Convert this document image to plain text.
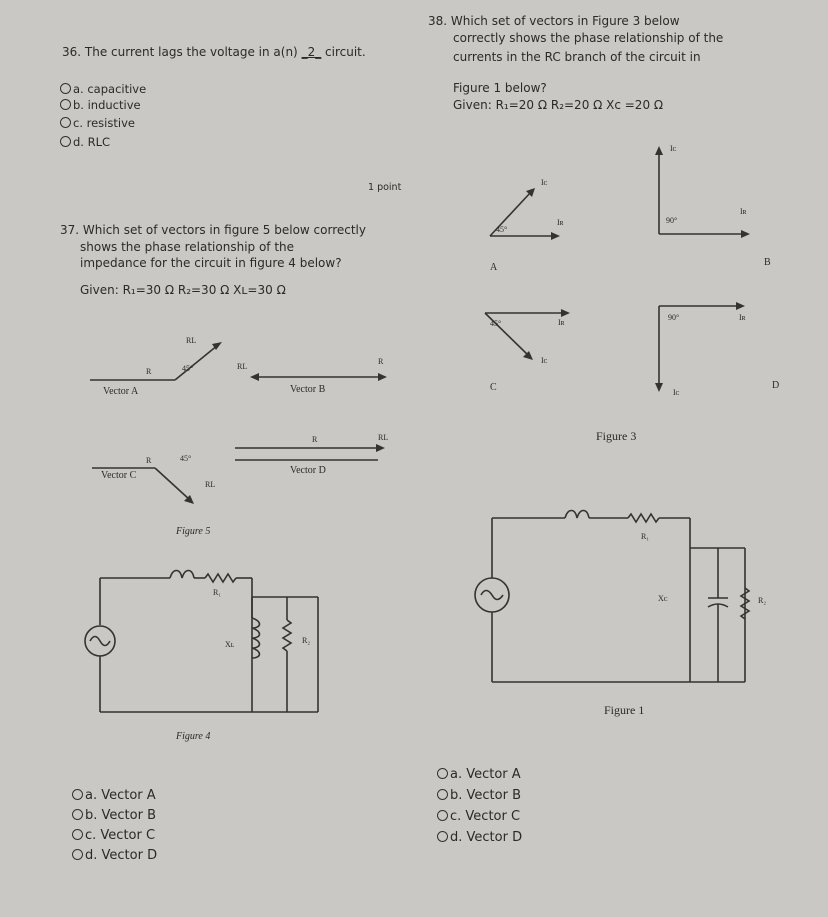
36. The current lags the voltage in a(n) _2_ circuit.
a. capacitive
b. inductive
c. resistive
d. RLC
1 point
37. Which set of vectors in figure 5 below correctly
shows the phase relationship of the
impedance for the circuit in figure 4 below?
Given: R₁=30 Ω R₂=30 Ω Xʟ=30 Ω
RL
R	45°
Vector A
RL
R
Vector B
45°
R
Vector C
RL
R	RL
Vector D
Figure 5
R₁
Xʟ	R₂
Figure 4
a. Vector A
b. Vector B
c. Vector C
d. Vector D
38. Which set of vectors in Figure 3 below
correctly shows the phase relationship of the
currents in the RC branch of the circuit in
Figure 1 below?
Given: R₁=20 Ω R₂=20 Ω Xᴄ =20 Ω
Iᴄ
Iʀ
45°
A
Iᴄ
Iʀ
90°
B
45°	Iʀ
Iᴄ
C
90°	Iʀ
Iᴄ
D
Figure 3
R₁
Xᴄ	R₂
Figure 1
a. Vector A
b. Vector B
c. Vector C
d. Vector D
